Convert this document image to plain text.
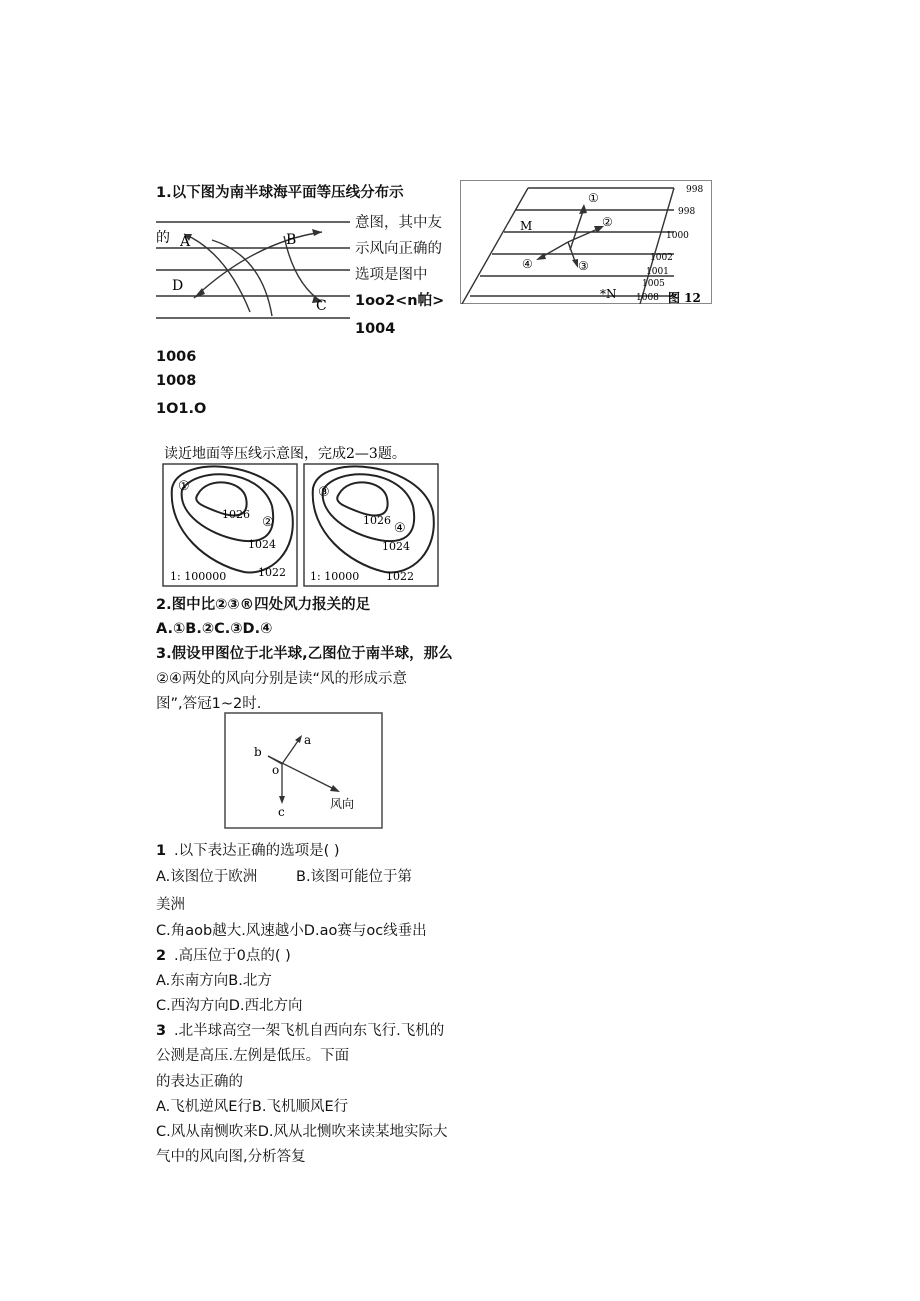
1.以下图为南半球海平面等压线分布示
意图，其中友
示风向正确的
选项是图中
1oo2<n帕>
1004
1006
1008
1O1.O
的 A	B
D
C
①
②
④	③
M
*N
998
998
1000
1002
1001
1005
1008 图 12
读近地面等压线示意图，完成2—3题。
1026
1024
1022
1: 100000
1026
1024
1022
1: 10000
①
②
③
④
2.图中比②③®四处风力报关的足
A.①B.②C.③D.④
3.假设甲图位于北半球,乙图位于南半球，那么
②④两处的风向分别是读“风的形成示意
图”,答冠1~2时.
a
b
o
c
风向
1 .以下表达正确的选项是( )
A.该图位于欧洲	B.该图可能位于第
美洲
C.角aob越大.风速越小D.ao赛与oc线垂出
2 .高压位于0点的( )
A.东南方向B.北方
C.西沟方向D.西北方向
3 .北半球高空一架飞机自西向东飞行.飞机的
公测是高压.左例是低压。下面
的表达正确的
A.飞机逆风E行B.飞机顺风E行
C.风从南恻吹来D.风从北恻吹来读某地实际大
气中的风向图,分析答复
